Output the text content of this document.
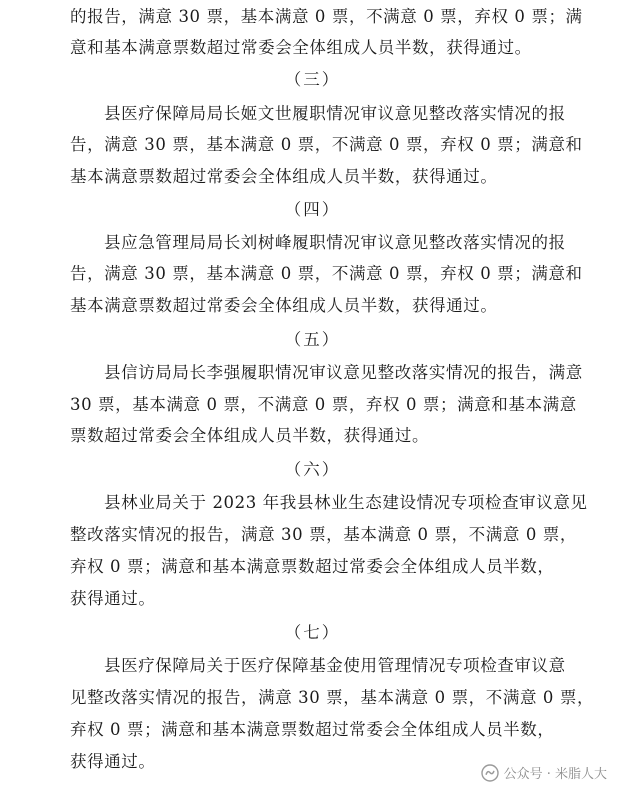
的报告，满意 30 票，基本满意 0 票，不满意 0 票，弃权 0 票；满
意和基本满意票数超过常委会全体组成人员半数，获得通过。
（三）
县医疗保障局局长姬文世履职情况审议意见整改落实情况的报
告，满意 30 票，基本满意 0 票，不满意 0 票，弃权 0 票；满意和
基本满意票数超过常委会全体组成人员半数，获得通过。
（四）
县应急管理局局长刘树峰履职情况审议意见整改落实情况的报
告，满意 30 票，基本满意 0 票，不满意 0 票，弃权 0 票；满意和
基本满意票数超过常委会全体组成人员半数，获得通过。
（五）
县信访局局长李强履职情况审议意见整改落实情况的报告，满意
30 票，基本满意 0 票，不满意 0 票，弃权 0 票；满意和基本满意
票数超过常委会全体组成人员半数，获得通过。
（六）
县林业局关于 2023 年我县林业生态建设情况专项检查审议意见
整改落实情况的报告，满意 30 票，基本满意 0 票，不满意 0 票，
弃权 0 票；满意和基本满意票数超过常委会全体组成人员半数，
获得通过。
（七）
县医疗保障局关于医疗保障基金使用管理情况专项检查审议意
见整改落实情况的报告，满意 30 票，基本满意 0 票，不满意 0 票，
弃权 0 票；满意和基本满意票数超过常委会全体组成人员半数，
获得通过。
公众号 · 米脂人大
